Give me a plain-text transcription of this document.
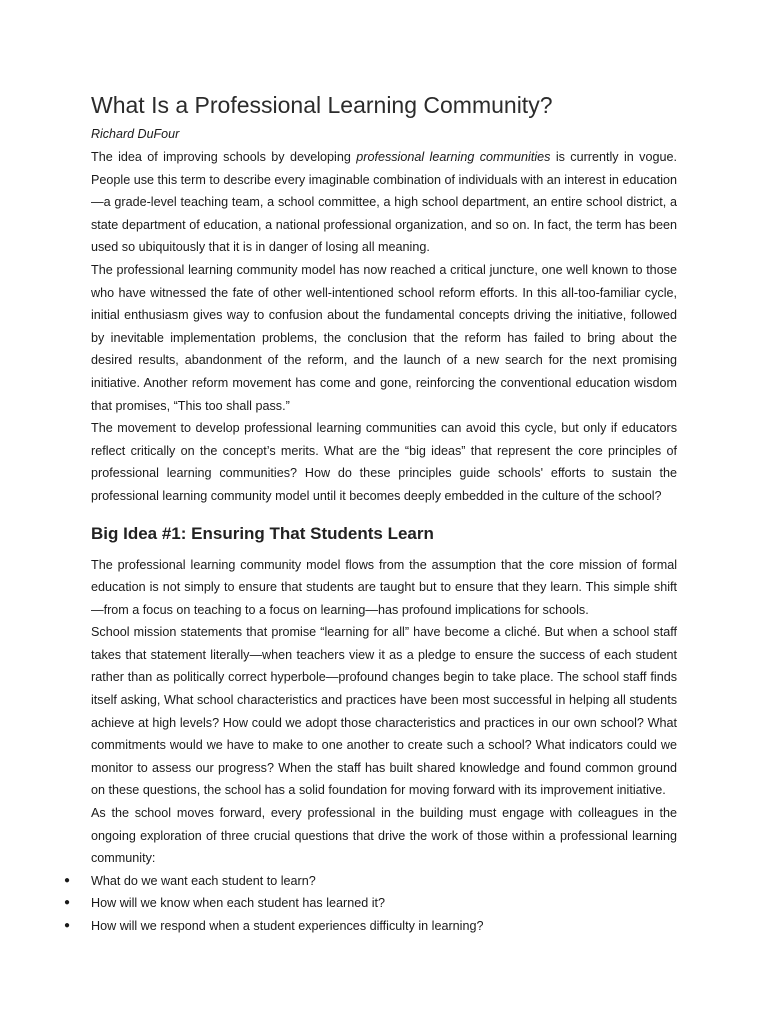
What Is a Professional Learning Community?
Richard DuFour

The idea of improving schools by developing professional learning communities is currently in vogue. People use this term to describe every imaginable combination of individuals with an interest in education—a grade-level teaching team, a school committee, a high school department, an entire school district, a state department of education, a national professional organization, and so on. In fact, the term has been used so ubiquitously that it is in danger of losing all meaning.

The professional learning community model has now reached a critical juncture, one well known to those who have witnessed the fate of other well-intentioned school reform efforts. In this all-too-familiar cycle, initial enthusiasm gives way to confusion about the fundamental concepts driving the initiative, followed by inevitable implementation problems, the conclusion that the reform has failed to bring about the desired results, abandonment of the reform, and the launch of a new search for the next promising initiative. Another reform movement has come and gone, reinforcing the conventional education wisdom that promises, “This too shall pass.”

The movement to develop professional learning communities can avoid this cycle, but only if educators reflect critically on the concept’s merits. What are the “big ideas” that represent the core principles of professional learning communities? How do these principles guide schools' efforts to sustain the professional learning community model until it becomes deeply embedded in the culture of the school?

Big Idea #1: Ensuring That Students Learn

The professional learning community model flows from the assumption that the core mission of formal education is not simply to ensure that students are taught but to ensure that they learn. This simple shift—from a focus on teaching to a focus on learning—has profound implications for schools.

School mission statements that promise “learning for all” have become a cliché. But when a school staff takes that statement literally—when teachers view it as a pledge to ensure the success of each student rather than as politically correct hyperbole—profound changes begin to take place. The school staff finds itself asking, What school characteristics and practices have been most successful in helping all students achieve at high levels? How could we adopt those characteristics and practices in our own school? What commitments would we have to make to one another to create such a school? What indicators could we monitor to assess our progress? When the staff has built shared knowledge and found common ground on these questions, the school has a solid foundation for moving forward with its improvement initiative.

As the school moves forward, every professional in the building must engage with colleagues in the ongoing exploration of three crucial questions that drive the work of those within a professional learning community:

● What do we want each student to learn?
● How will we know when each student has learned it?
● How will we respond when a student experiences difficulty in learning?
